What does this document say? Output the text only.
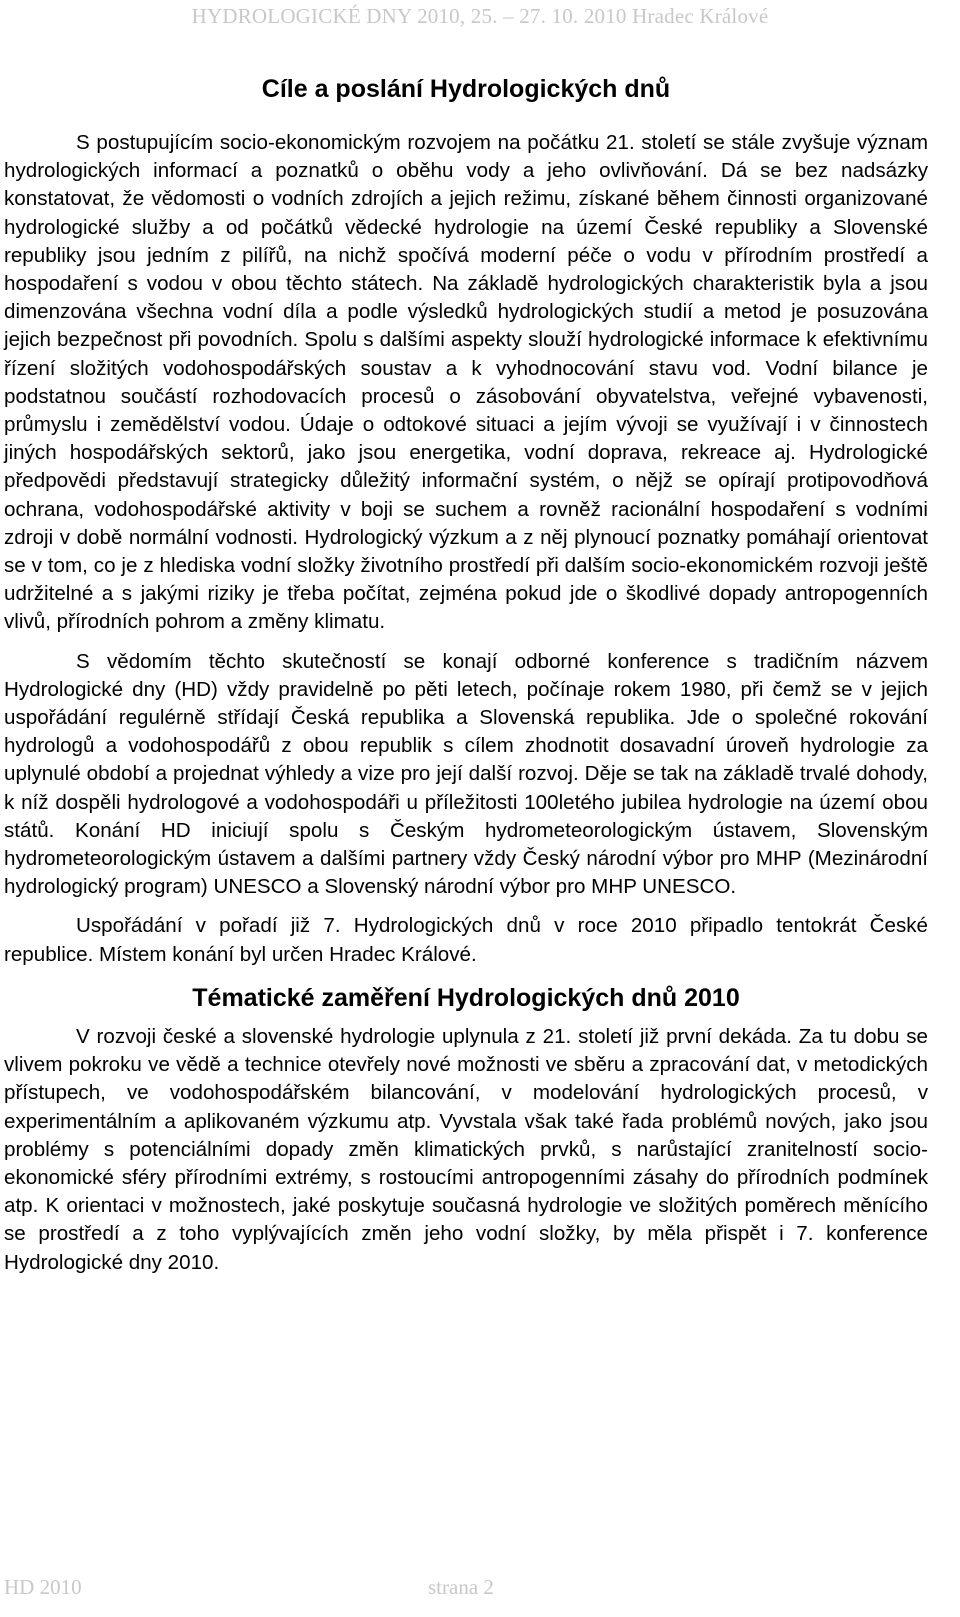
HYDROLOGICKÉ DNY 2010, 25. – 27. 10. 2010 Hradec Králové
Cíle a poslání Hydrologických dnů

S postupujícím socio-ekonomickým rozvojem na počátku 21. století se stále zvyšuje význam hydrologických informací a poznatků o oběhu vody a jeho ovlivňování. Dá se bez nadsázky konstatovat, že vědomosti o vodních zdrojích a jejich režimu, získané během činnosti organizované hydrologické služby a od počátků vědecké hydrologie na území České republiky a Slovenské republiky jsou jedním z pilířů, na nichž spočívá moderní péče o vodu v přírodním prostředí a hospodaření s vodou v obou těchto státech. Na základě hydrologických charakteristik byla a jsou dimenzována všechna vodní díla a podle výsledků hydrologických studií a metod je posuzována jejich bezpečnost při povodních. Spolu s dalšími aspekty slouží hydrologické informace k efektivnímu řízení složitých vodohospodářských soustav a k vyhodnocování stavu vod. Vodní bilance je podstatnou součástí rozhodovacích procesů o zásobování obyvatelstva, veřejné vybavenosti, průmyslu i zemědělství vodou. Údaje o odtokové situaci a jejím vývoji se využívají i v činnostech jiných hospodářských sektorů, jako jsou energetika, vodní doprava, rekreace aj. Hydrologické předpovědi představují strategicky důležitý informační systém, o nějž se opírají protipovodňová ochrana, vodohospodářské aktivity v boji se suchem a rovněž racionální hospodaření s vodními zdroji v době normální vodnosti. Hydrologický výzkum a z něj plynoucí poznatky pomáhají orientovat se v tom, co je z hlediska vodní složky životního prostředí při dalším socio-ekonomickém rozvoji ještě udržitelné a s jakými riziky je třeba počítat, zejména pokud jde o škodlivé dopady antropogenních vlivů, přírodních pohrom a změny klimatu.

S vědomím těchto skutečností se konají odborné konference s tradičním názvem Hydrologické dny (HD) vždy pravidelně po pěti letech, počínaje rokem 1980, při čemž se v jejich uspořádání regulérně střídají Česká republika a Slovenská republika. Jde o společné rokování hydrologů a vodohospodářů z obou republik s cílem zhodnotit dosavadní úroveň hydrologie za uplynulé období a projednat výhledy a vize pro její další rozvoj. Děje se tak na základě trvalé dohody, k níž dospěli hydrologové a vodohospodáři u příležitosti 100letého jubilea hydrologie na území obou států. Konání HD iniciují spolu s Českým hydrometeorologickým ústavem, Slovenským hydrometeorologickým ústavem a dalšími partnery vždy Český národní výbor pro MHP (Mezinárodní hydrologický program) UNESCO a Slovenský národní výbor pro MHP UNESCO.

Uspořádání v pořadí již 7. Hydrologických dnů v roce 2010 připadlo tentokrát České republice. Místem konání byl určen Hradec Králové.

Tématické zaměření Hydrologických dnů 2010

V rozvoji české a slovenské hydrologie uplynula z 21. století již první dekáda. Za tu dobu se vlivem pokroku ve vědě a technice otevřely nové možnosti ve sběru a zpracování dat, v metodických přístupech, ve vodohospodářském bilancování, v modelování hydrologických procesů, v experimentálním a aplikovaném výzkumu atp. Vyvstala však také řada problémů nových, jako jsou problémy s potenciálními dopady změn klimatických prvků, s narůstající zranitelností socio-ekonomické sféry přírodními extrémy, s rostoucími antropogenními zásahy do přírodních podmínek atp. K orientaci v možnostech, jaké poskytuje současná hydrologie ve složitých poměrech měnícího se prostředí a z toho vyplývajících změn jeho vodní složky, by měla přispět i 7. konference Hydrologické dny 2010.

HD 2010	strana 2
